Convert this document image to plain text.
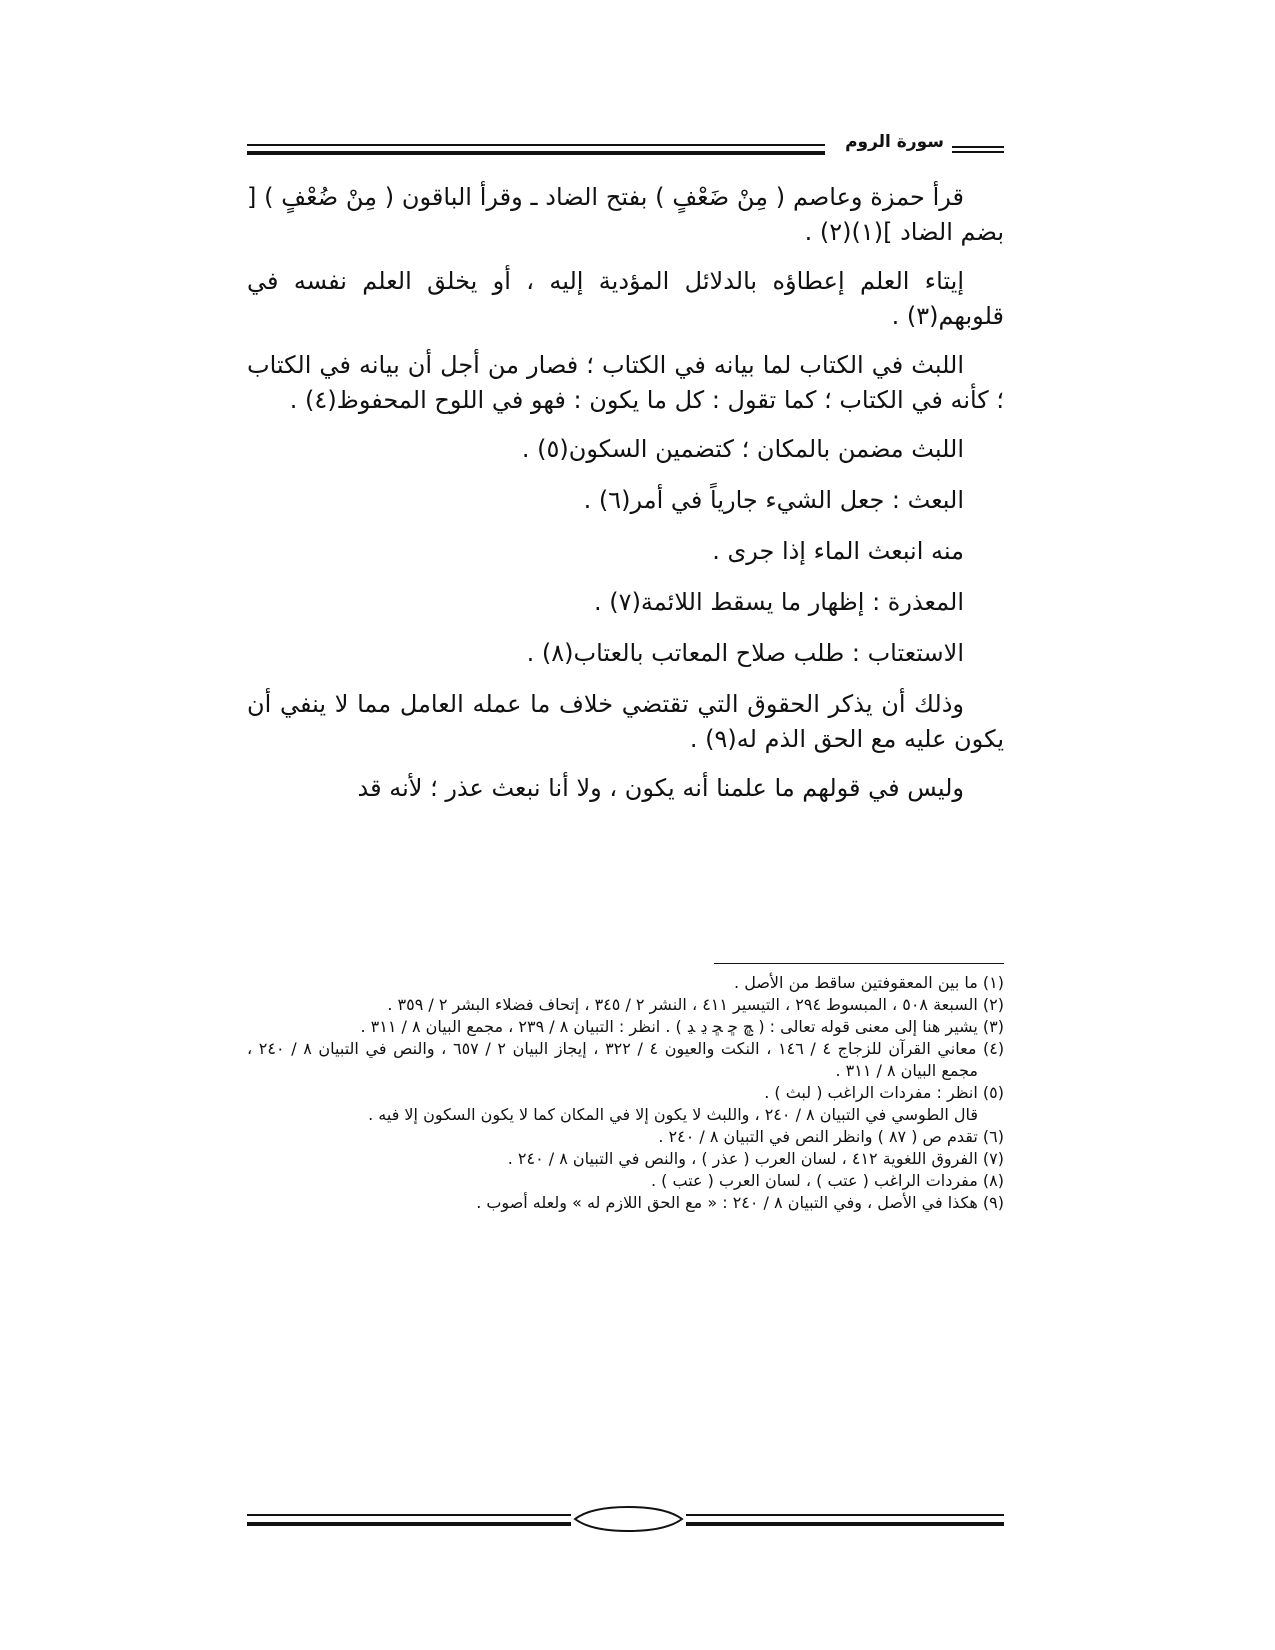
سورة الروم

قرأ حمزة وعاصم ( مِنْ ضَعْفٍ ) بفتح الضاد ـ وقرأ الباقون ( مِنْ ضُعْفٍ ) [ بضم الضاد ](١)(٢) .

إيتاء العلم إعطاؤه بالدلائل المؤدية إليه ، أو يخلق العلم نفسه في قلوبهم(٣) .

اللبث في الكتاب لما بيانه في الكتاب ؛ فصار من أجل أن بيانه في الكتاب ؛ كأنه في الكتاب ؛ كما تقول : كل ما يكون : فهو في اللوح المحفوظ(٤) .

اللبث مضمن بالمكان ؛ كتضمين السكون(٥) .

البعث : جعل الشيء جارياً في أمر(٦) .

منه انبعث الماء إذا جرى .

المعذرة : إظهار ما يسقط اللائمة(٧) .

الاستعتاب : طلب صلاح المعاتب بالعتاب(٨) .

وذلك أن يذكر الحقوق التي تقتضي خلاف ما عمله العامل مما لا ينفي أن يكون عليه مع الحق الذم له(٩) .

وليس في قولهم ما علمنا أنه يكون ، ولا أنا نبعث عذر ؛ لأنه قد

(١) ما بين المعقوفتين ساقط من الأصل .

(٢) السبعة ٥٠٨ ، المبسوط ٢٩٤ ، التيسير ٤١١ ، النشر ٢ / ٣٤٥ ، إتحاف فضلاء البشر ٢ / ٣٥٩ .

(٣) يشير هنا إلى معنى قوله تعالى : ( ﭿ ﮀ ﮁ ﮂ ﮃ ) . انظر : التبيان ٨ / ٢٣٩ ، مجمع البيان ٨ / ٣١١ .

(٤) معاني القرآن للزجاج ٤ / ١٤٦ ، النكت والعيون ٤ / ٣٢٢ ، إيجاز البيان ٢ / ٦٥٧ ، والنص في التبيان ٨ / ٢٤٠ ، مجمع البيان ٨ / ٣١١ .

(٥) انظر : مفردات الراغب ( لبث ) .

قال الطوسي في التبيان ٨ / ٢٤٠ ، واللبث لا يكون إلا في المكان كما لا يكون السكون إلا فيه .

(٦) تقدم ص ( ٨٧ ) وانظر النص في التبيان ٨ / ٢٤٠ .

(٧) الفروق اللغوية ٤١٢ ، لسان العرب ( عذر ) ، والنص في التبيان ٨ / ٢٤٠ .

(٨) مفردات الراغب ( عتب ) ، لسان العرب ( عتب ) .

(٩) هكذا في الأصل ، وفي التبيان ٨ / ٢٤٠ : « مع الحق اللازم له » ولعله أصوب .
